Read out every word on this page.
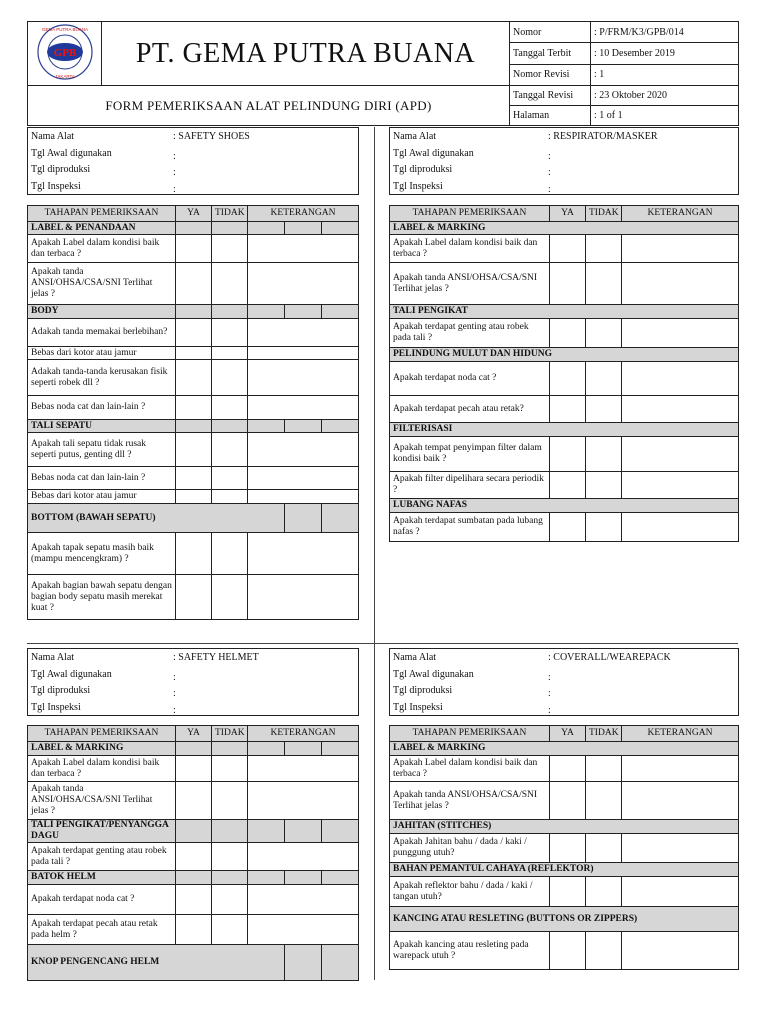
GPB
GEMA PUTRA BUANA
JAKARTA	PT. GEMA PUTRA BUANA	Nomor	: P/FRM/K3/GPB/014
		Tanggal Terbit	: 10 Desember 2019
		Nomor Revisi	: 1
FORM PEMERIKSAAN ALAT PELINDUNG DIRI (APD)		Tanggal Revisi	: 23 Oktober 2020
		Halaman	: 1 of 1
Nama Alat	: SAFETY SHOES
Tgl Awal digunakan	:
Tgl diproduksi	:
Tgl Inspeksi	:
Nama Alat	: RESPIRATOR/MASKER
Tgl Awal digunakan	:
Tgl diproduksi	:
Tgl Inspeksi	:
Nama Alat	: SAFETY HELMET
Tgl Awal digunakan	:
Tgl diproduksi	:
Tgl Inspeksi	:
Nama Alat	: COVERALL/WEAREPACK
Tgl Awal digunakan	:
Tgl diproduksi	:
Tgl Inspeksi	:
TAHAPAN PEMERIKSAAN	YA	TIDAK	KETERANGAN		
LABEL & PENANDAAN					
Apakah Label dalam kondisi baik dan terbaca ?					
Apakah tanda ANSI/OHSA/CSA/SNI Terlihat jelas ?					
BODY					
Adakah tanda memakai berlebihan?					
Bebas dari kotor atau jamur					
Adakah tanda-tanda kerusakan fisik seperti robek dll ?					
Bebas noda cat dan lain-lain ?					
TALI SEPATU					
Apakah tali sepatu tidak rusak seperti putus, genting dll ?					
Bebas noda cat dan lain-lain ?					
Bebas dari kotor atau jamur					
BOTTOM (BAWAH SEPATU)					
Apakah tapak sepatu masih baik (mampu mencengkram) ?					
Apakah bagian bawah sepatu dengan bagian body sepatu masih merekat kuat ?					
TAHAPAN PEMERIKSAAN	YA	TIDAK	KETERANGAN
LABEL & MARKING			
Apakah Label dalam kondisi baik dan terbaca ?			
Apakah tanda ANSI/OHSA/CSA/SNI Terlihat jelas ?			
TALI PENGIKAT			
Apakah terdapat genting atau robek pada tali ?			
PELINDUNG MULUT DAN HIDUNG			
Apakah terdapat noda cat ?			
Apakah terdapat pecah atau retak?			
FILTERISASI			
Apakah tempat penyimpan filter dalam kondisi baik ?			
Apakah filter dipelihara secara periodik ?			
LUBANG NAFAS			
Apakah terdapat sumbatan pada lubang nafas ?			
TAHAPAN PEMERIKSAAN	YA	TIDAK	KETERANGAN		
LABEL & MARKING					
Apakah Label dalam kondisi baik dan terbaca ?					
Apakah tanda ANSI/OHSA/CSA/SNI Terlihat jelas ?					
TALI PENGIKAT/PENYANGGA DAGU					
Apakah terdapat genting atau robek pada tali ?					
BATOK HELM					
Apakah terdapat noda cat ?					
Apakah terdapat pecah atau retak pada helm ?					
KNOP PENGENCANG HELM					
TAHAPAN PEMERIKSAAN	YA	TIDAK	KETERANGAN
LABEL & MARKING			
Apakah Label dalam kondisi baik dan terbaca ?			
Apakah tanda ANSI/OHSA/CSA/SNI Terlihat jelas ?			
JAHITAN (STITCHES)			
Apakah Jahitan bahu / dada / kaki / punggung utuh?			
BAHAN PEMANTUL CAHAYA (REFLEKTOR)			
Apakah reflektor bahu / dada / kaki / tangan utuh?			
KANCING ATAU RESLETING (BUTTONS OR ZIPPERS)			
Apakah kancing atau resleting pada warepack utuh ?			
